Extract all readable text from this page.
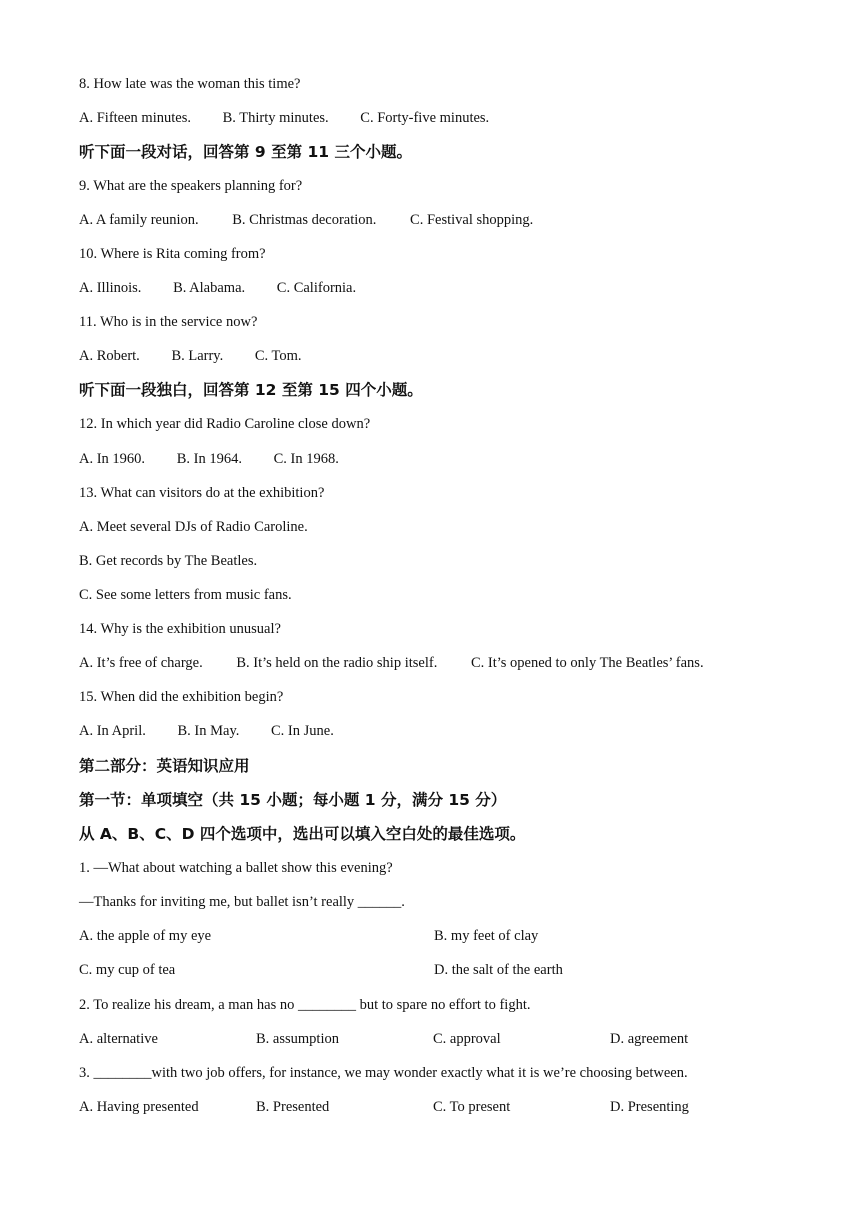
8. How late was the woman this time?
A. Fifteen minutes. B. Thirty minutes. C. Forty-five minutes.
听下面一段对话，回答第 9 至第 11 三个小题。
9. What are the speakers planning for?
A. A family reunion. B. Christmas decoration. C. Festival shopping.
10. Where is Rita coming from?
A. Illinois. B. Alabama. C. California.
11. Who is in the service now?
A. Robert. B. Larry. C. Tom.
听下面一段独白，回答第 12 至第 15 四个小题。
12. In which year did Radio Caroline close down?
A. In 1960. B. In 1964. C. In 1968.
13. What can visitors do at the exhibition?
A. Meet several DJs of Radio Caroline.
B. Get records by The Beatles.
C. See some letters from music fans.
14. Why is the exhibition unusual?
A. It’s free of charge. B. It’s held on the radio ship itself. C. It’s opened to only The Beatles’ fans.
15. When did the exhibition begin?
A. In April. B. In May. C. In June.
第二部分：英语知识应用
第一节：单项填空（共 15 小题；每小题 1 分，满分 15 分）
从 A、B、C、D 四个选项中，选出可以填入空白处的最佳选项。
1. —What about watching a ballet show this evening?
—Thanks for inviting me, but ballet isn’t really ______.
A. the apple of my eye	B. my feet of clay
C. my cup of tea	D. the salt of the earth
2. To realize his dream, a man has no ________ but to spare no effort to fight.
A. alternative	B. assumption	C. approval	D. agreement
3. ________with two job offers, for instance, we may wonder exactly what it is we’re choosing between.
A. Having presented	B. Presented	C. To present	D. Presenting
